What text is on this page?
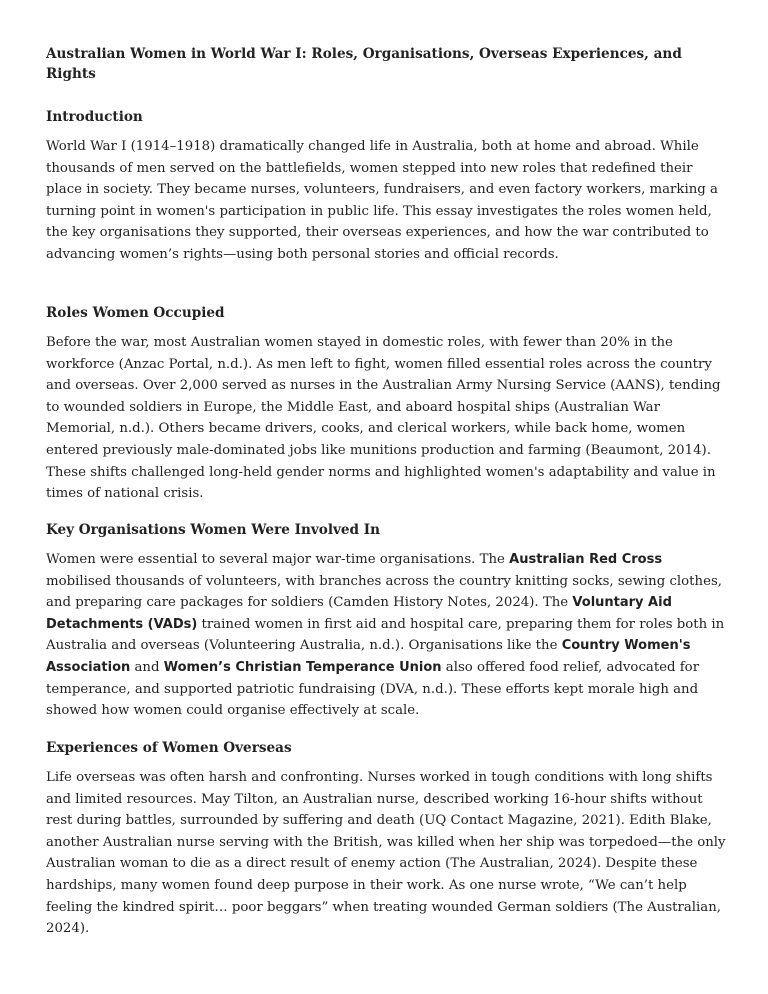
Australian Women in World War I: Roles, Organisations, Overseas Experiences, and Rights
Introduction

World War I (1914–1918) dramatically changed life in Australia, both at home and abroad. While thousands of men served on the battlefields, women stepped into new roles that redefined their place in society. They became nurses, volunteers, fundraisers, and even factory workers, marking a turning point in women's participation in public life. This essay investigates the roles women held, the key organisations they supported, their overseas experiences, and how the war contributed to advancing women’s rights—using both personal stories and official records.

Roles Women Occupied

Before the war, most Australian women stayed in domestic roles, with fewer than 20% in the workforce (Anzac Portal, n.d.). As men left to fight, women filled essential roles across the country and overseas. Over 2,000 served as nurses in the Australian Army Nursing Service (AANS), tending to wounded soldiers in Europe, the Middle East, and aboard hospital ships (Australian War Memorial, n.d.). Others became drivers, cooks, and clerical workers, while back home, women entered previously male-dominated jobs like munitions production and farming (Beaumont, 2014). These shifts challenged long-held gender norms and highlighted women's adaptability and value in times of national crisis.

Key Organisations Women Were Involved In

Women were essential to several major war-time organisations. The Australian Red Cross mobilised thousands of volunteers, with branches across the country knitting socks, sewing clothes, and preparing care packages for soldiers (Camden History Notes, 2024). The Voluntary Aid Detachments (VADs) trained women in first aid and hospital care, preparing them for roles both in Australia and overseas (Volunteering Australia, n.d.). Organisations like the Country Women's Association and Women’s Christian Temperance Union also offered food relief, advocated for temperance, and supported patriotic fundraising (DVA, n.d.). These efforts kept morale high and showed how women could organise effectively at scale.

Experiences of Women Overseas

Life overseas was often harsh and confronting. Nurses worked in tough conditions with long shifts and limited resources. May Tilton, an Australian nurse, described working 16-hour shifts without rest during battles, surrounded by suffering and death (UQ Contact Magazine, 2021). Edith Blake, another Australian nurse serving with the British, was killed when her ship was torpedoed—the only Australian woman to die as a direct result of enemy action (The Australian, 2024). Despite these hardships, many women found deep purpose in their work. As one nurse wrote, “We can’t help feeling the kindred spirit… poor beggars” when treating wounded German soldiers (The Australian, 2024).
